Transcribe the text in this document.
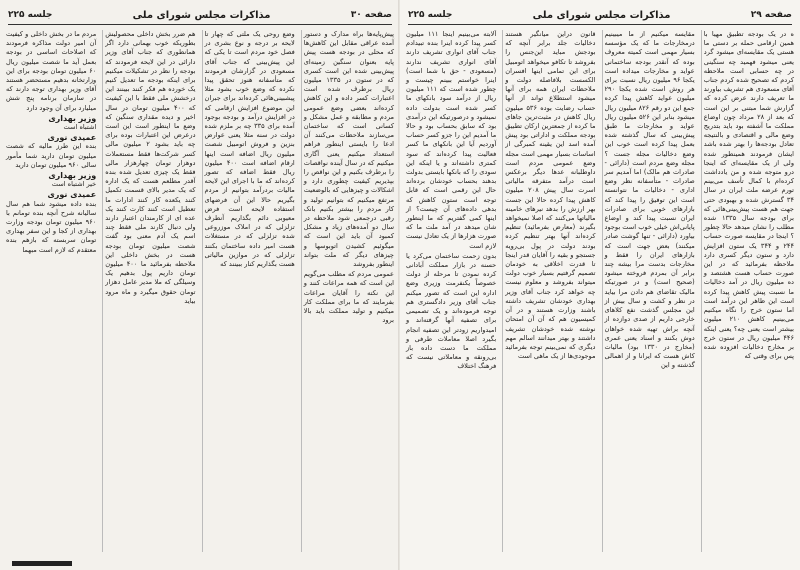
صفحه ۳۰
مذاکرات مجلس شورای ملی
جلسه ۲۲۵

پیش‌پایه‌ها براه مدارک و دستور آمده عراقی مقابل این کاهش‌ها که محلی در بودجه هست پیش پایه بعنوان سنگین زمینه‌ای پیش‌بینی شده این است کسری که در ستون در ۱۳۳۵ میلیون ریال برطرف شده است اعتبارات کسر داده و این کاهش کرده‌اند بعضی وضع عمومی مردم و مطابقه و عمل مشکل و کسانی است که ساختمان می‌سازند ملاحظات می‌کنند آن ادعا را بایستی اینطور فراهم استعداد میکنیم یعنی آگاری میکنیم که در سال آینده نواقصات را برطرف بکنیم و این نواقص را بپذیریم کیفیت چطوری دارد و اشکالات و چیزهایی که بالوضعیت مرتفع میکنیم که بتوانیم تولید و کار مردم را بیشتر بکنیم بانک رقبی درجمعی شود ملاحظه در سال دو آمده‌های زیاد و مشکل کمبود آن باید این است که میگوئیم کشیدن اتوبوسها و چیزهای دیگر که ملت بتواند اینطور بفروشد

عمومی مردم که مطلب می‌گویم این است که همه مراعات کنند و این نکته را آقایان مراعات بفرمایند که ما برای مملکت کار میکنیم و تولید مملکت باید بالا برود

وضع روحی یک ملتی که چهار تا لایحه بر درجه و نوع بشری در فصل خود مردم است تا یکی که این پیش‌بینی که جناب آقای مسعودی در گزارشان فرمودند که متأسفانه هنوز تحقق پیدا نکرده که وضع خوب بشود مثلا پیشبینی‌هائی کرده‌اند برای جبران این موضوع افزایش ارقامی که در افزایش درآمد و بودجه بوجود آمده برای ۳۳۵ چه بر ملزم شده دولت در سنه مثلا یعنی عوارض بنزین و فروش اتومبیل شصت میلیون ریال اضافه است اینها ارقام اضافه است ۴۰۰ میلیون ریال فقط اضافه که تصور کرده‌اند که ما با اجرای این لایحه مالیات بردرآمد بتوانیم از مردم بگیریم حالا این آن فرضهای استفاده لایحه است فرض معیوبی دائم بگذاریم آنطرف تزلزلی که در املاک موزروعی شده تزلزلی که در مستغلات هست امیر داده ساختمان بکنند تزلزلی که در موازین مالیاتی هست بگذاریم کنار ببینند که

هم ضرر بخش داخلی محصولیش بطوریکه خوب بهمانی دارد اگر همانطوری که جناب آقای وزیر دارائی در این لایحه فرمودند که بودجه را نظر در تشکیلات میکنیم برای اینکه بودجه ما تعدیل کنیم یک خورده هم فکر کنند ببینند این درخشش ملی فقط با این کیفیت که ۴۰۰ میلیون تومان در سال اخیر و دیده مقداری سنگین که وضع ما اینطور است این است درعرض این اعتبارات بوده برای چه باید بشود ۲ میلیون مالی کسر شرکت‌ها فقط مستعملات دوهزار تومان چهارهزار مالی فقط یک چیزی تعدیل شده بنده آقدر مطلعم هست که یک اداره که یک مدیر بالای قسمت تکمیل کنند یکعده کار کنند ادارات ما تعطیل است کنند کارت کنند یک عده ای از کارمندان اعتبار دارند ولی دنبال کارند ملی فقط چند اسم یک آدم معنی بود گفت شصت میلیون تومان بودجه هست در بخش داخلی این ملاحظه بفرمائید ما ۴۰۰ میلیون تومان داریم پول بدهیم یک وسیلگی که ملا مدیر عامل دهزار تومان حقوق میگیرد و ماه مرود بیاید

مردم ما در بخش داخلی و کیفیت آن امیر دولت مذاکره فرمودند که اصلاحات اساسی در بودجه بعمل آید ما شصت میلیون ریال ۶۰ میلیون تومان بودجه برای این وزارتخانه بدهیم مستحضر هستند آقای وزیر بهداری توجه دارند که در سازمان برنامه پنج شش میلیارد برای آن وجود دارد

وزیر بهداری
اشتباه است

عمیدی نوری
بنده این طرز مالیه که شصت میلیون تومان دارید شما مأمور سالی ۹۶۰ میلیون تومان دارید

وزیر بهداری
خیر اشتباه است

عمیدی نوری
بنده داده میشود شما هم سال سالیانه شرح آنچه بنده تومانم با ۹۶۰ میلیون تومان بودجه وزارت بهداری از کجا و این سفر بهداری تومان سربسته که بازهم بنده معتقدم که لازم است مبهما

صفحه ۲۹
مذاکرات مجلس شورای ملی
جلسه ۲۲۵

ه در یک بودجه تطبیق مهیا با همین ارقامی حمله بر دستی ما هستی یک مقایسه‌ای میشود گرد یعنی میشود فهمید چه سنگینی در چه حسابی است ملاحظه کردم که تصحیح شده کردم جناب آقای مسعودی هم تشریف بیاورند ما تعریف دارند عرض کرده که گزارش شما مبتنی بر این است که بعد از ۲۸ مرداد چون اوضاع مملکت ما آشفته بود باید بتدریج وضع مالی و اقتصادی و بالنتیجه تعادل بودجه‌ها را بهتر شده باشد ایشان فرمودند همینطور شده ولی از یک مقایسه‌ای که اینجا درو متوجه شده و من یادداشت کرده‌ام با کمال تأسف می‌بینم تورم عرضه ملت ایران در سال ۳۴ گسترش شده و بهبودی حتی جهت هم هست پیش‌بینی‌هائی که برای بودجه سال ۱۳۳۵ شده مطلب را نشان میدهد حالا چطور ؟ اینجا در مقایسه صورت حساب ۲۴۴ و ۳۴۴ یک ستون افزایش دارد و ستون دیگر کسری دارد ملاحظه بفرمائید که در این صورت حساب هست هشتصد و ده میلیون ریال در آمد دخالیات ما نسبت پیش کاهش پیدا کرده است این ظاهر این درآمد است اما ستون خرج را نگاه میکنیم می‌بینیم کاهش ۲۱۰ میلیون بیشتر است یعنی چه؟ یعنی اینکه ۴۴۶ میلیون ریال در ستون خرج بر مخارج دخالیات افزوده شده پس برای وقتی که

مقایسه میکنیم از ما میبینیم درمخارجات ما که یک مؤسسه بسیار مهمی است کمیته معروف بوده که آنقدر بودجه ساختمانی عواید و مخارجات میداده است یکجا ۹۶ میلیون ریال نسبت برای هر روش است شده یکجا ۲۹۰ میلیون عواید کاهش پیدا کرده جمع این دو رقم ۸۲۶ میلیون ریال میشود بنابر این ۵۲۶ میلیون ریال عواید و مخارجات ما طبق پیش‌بینی که سال گذشته شده بعمل پیدا کرده است خوب این وضع دخالیات مجله جست ؟ مجله وضع مردم است (دارائی - صادرات هم مالک) اما آمدیم سر صادرات - متأسفانه نظر وضع اداری - دخالیات ما نتوانسته است این توفیق را پیدا کند که بازارهای خوبی برای صادرات ایران نسبت پیدا کند و اوضاع پایانی‌اش خیلی خوب است بوجود بیاورد (دارائی - تنها گوشت صادر میکنند) بعض جهت است که بازارهای ایران را فقط و مخارجات بدست مرا بیشه چند برابر آن بمردم فروخته میشود (صحیح است) و در صورتیکه مالیک تقاضای هم دادن مرا بیاید در نظر و کشت و سال بیش از این مجلس گذشت نفع کلاهای خارجی داریم از صدی دوازده از آنچه براش تهیه شده خواهان دوش بکنند و اسناد یعنی عمری (مخارج در ۱۳۳۰ بود) مالیات کاش هست که ایرانا و از اهمالی گذشته و این

قانون دراین میانگیر هستند دخالیات جلد برابر آنچه که بودجش مباید این‌جنس را بفروشد تا تکافو میخواهد اتومبیل برای این تمامی اینها افسران الکسست بلافاصله دولت و ملاحظات ایران همه برای آنها میشود استطلاع تواند از آنها حساب رضایت بوده ۵۳۶ میلیون ریال کاهش در مثبت‌ترین جاهای ما کرده از جمعترین ارکان تطبیق بودجه مملکت و اداراتی بود پیش آمده اسد این یقینه کمبرگی از اساسات بسیار مهمی است مجله وضع عمومی مردم است داوطلبانه عدها دیگر برعکس است درآمد متفرقه مالیاتی اسرت سال پیش ۲۰۸ میلیون کاهش پیدا کرده حالا این جست بهر ارزش را بدهد نیرهای خامینه مالیاتها می‌کنند که اصلا نمیخواهد بگیرند (معارض بفرمائید) تنظیم کرده‌اند آنها بهتر تنظیم کرده بودند دولت در پول بی‌رویه جستجو و بقیه را آقایان قدر اینجا تا قدرت اخلاقی به خودمان تصمیم گرفتیم بسیار خوب دولت میتواند بفروشد و معلوم نیست چه خواهد کرد جناب آقای وزیر بهداری خودشان تشریف داشته باشند وزارت هستند و در آن کمیسیون هم که آن آن امتحان نوشته شده خودشان تشریف داشتند و بهتر میدانند اسالم مهم دیگری که نمی‌بینم توجه بفرمائید موجودی‌ها از یک ماهی است

آلابته می‌بینیم اینجا ۱۱۱ میلیون کسر پیدا کرده اینرا بنده تبیدادم جناب آقای انواری تشریف دارند آقای انواری تشریف ندارند (مسعودی - حق با شما است) اینرا خواستم ببینم چیست و چطور شده است که ۱۱۱ میلیون ریال از درآمد سود بانکهای ما کسر شده است بدولت داده نمیشود و درصورتیکه این درآمدی بود که سابق بحساب بود و حالا ما آمدیم این را جزو کسر حساب آوردیم آیا این بانکهای ما کسر فعالیت پیدا کرده‌اند که سود کمتری داشته‌اند و یا اینکه این سودی را که بانکها بایستی بدولت بدهند بحساب خودشان برده‌اند حال این رقمی است که قابل توجه است ستون کاهش که بدهی داده‌های آن چیست؟ از اینها کمی گفتریم که ما اینطور شان میدهد در آمد ملت ما که صورت هزارها از یک تعادل نیست لازم است

بدون زحمت ساختمان می‌کرد یا حسنه در بازار مملکت آبادانی کرده نمودن تا مرحله از دولت خصوصاً یکنفرمت وزیری وضع اداره این است که تصور میکنم جناب آقای وزیر دادگستری هم توجه فرموده‌اند و یک تصمیمی برای تصفیه آنها گرفته‌اند و امیدواریم زودتر این تصفیه انجام بگیرد اصلا معاملات طرفی و مملکت ما دست داده باز بی‌رونقه و معاملاتی نیست که فرهنگ اختلاف
